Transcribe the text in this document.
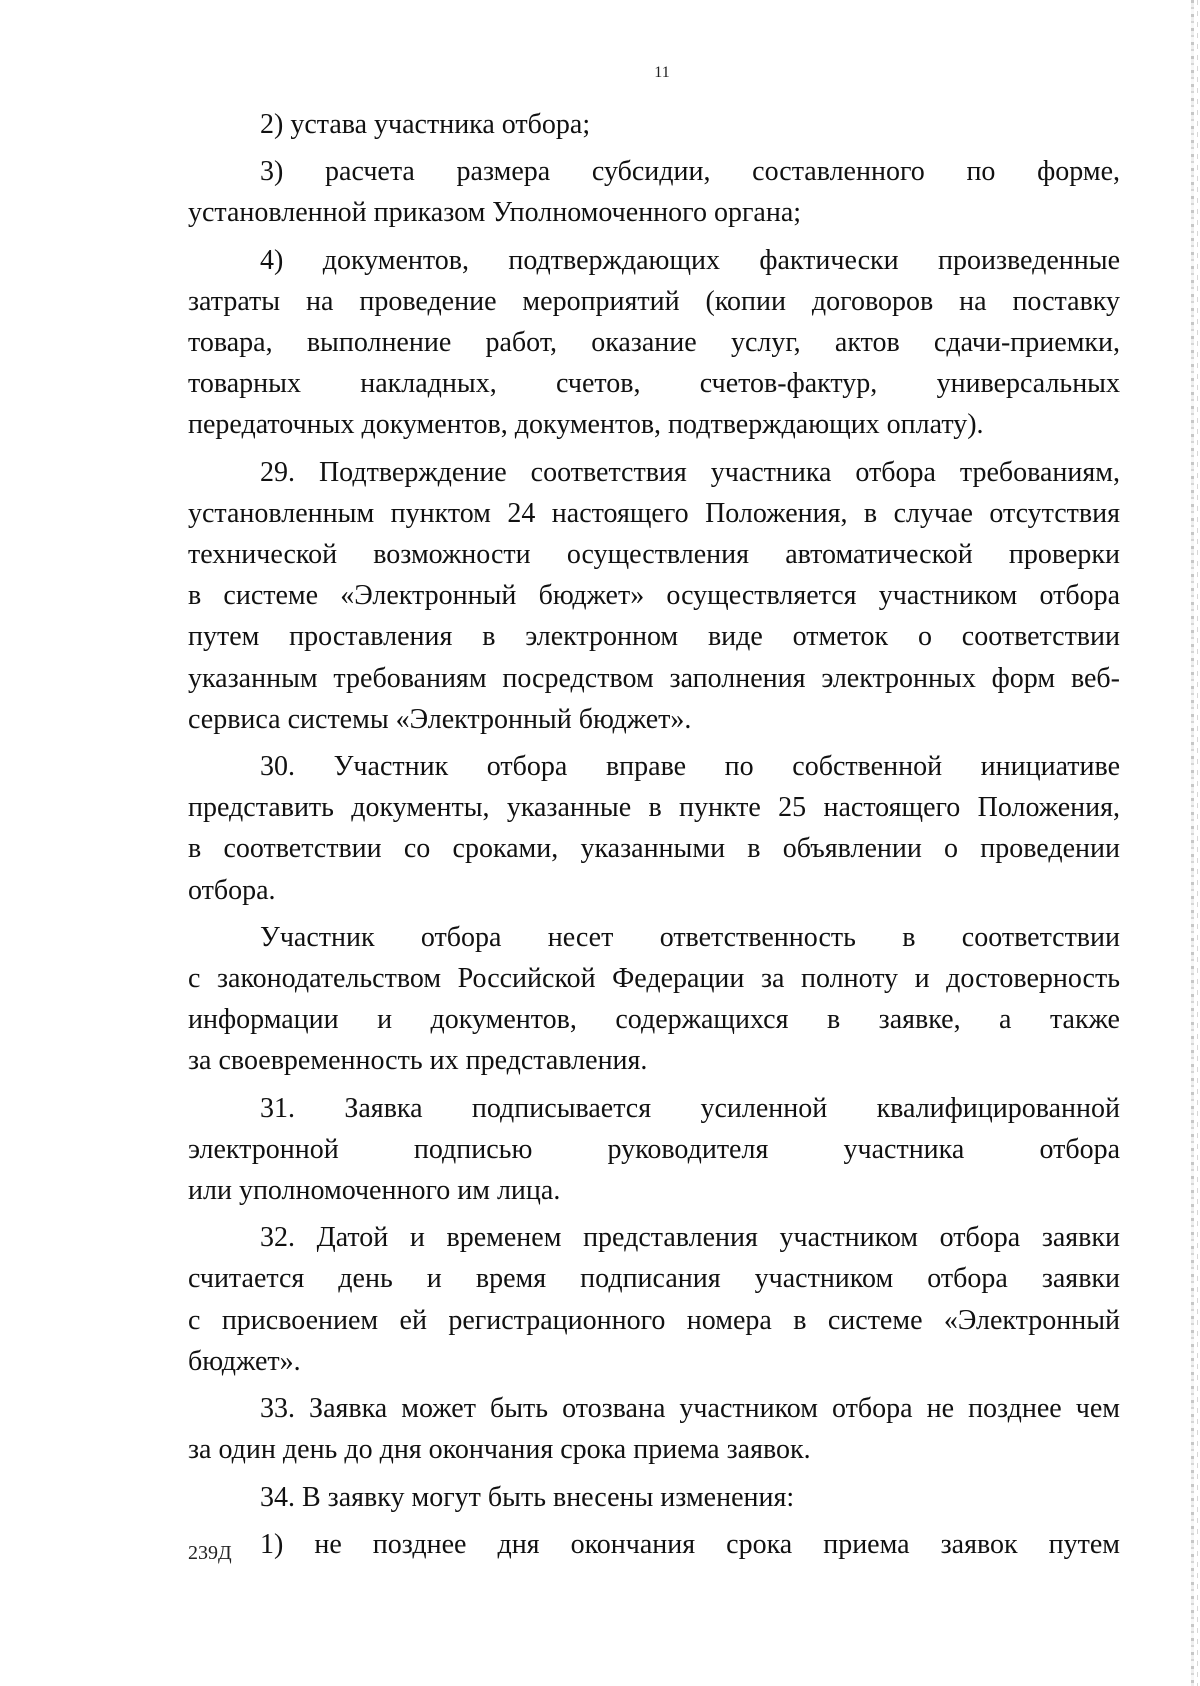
11

2) устава участника отбора;

3) расчета размера субсидии, составленного по форме,
установленной приказом Уполномоченного органа;

4) документов, подтверждающих фактически произведенные
затраты на проведение мероприятий (копии договоров на поставку
товара, выполнение работ, оказание услуг, актов сдачи-приемки,
товарных накладных, счетов, счетов-фактур, универсальных
передаточных документов, документов, подтверждающих оплату).

29. Подтверждение соответствия участника отбора требованиям,
установленным пунктом 24 настоящего Положения, в случае отсутствия
технической возможности осуществления автоматической проверки
в системе «Электронный бюджет» осуществляется участником отбора
путем проставления в электронном виде отметок о соответствии
указанным требованиям посредством заполнения электронных форм веб-
сервиса системы «Электронный бюджет».

30. Участник отбора вправе по собственной инициативе
представить документы, указанные в пункте 25 настоящего Положения,
в соответствии со сроками, указанными в объявлении о проведении
отбора.

Участник отбора несет ответственность в соответствии
с законодательством Российской Федерации за полноту и достоверность
информации и документов, содержащихся в заявке, а также
за своевременность их представления.

31. Заявка подписывается усиленной квалифицированной
электронной подписью руководителя участника отбора
или уполномоченного им лица.

32. Датой и временем представления участником отбора заявки
считается день и время подписания участником отбора заявки
с присвоением ей регистрационного номера в системе «Электронный
бюджет».

33. Заявка может быть отозвана участником отбора не позднее чем
за один день до дня окончания срока приема заявок.

34. В заявку могут быть внесены изменения:

1) не позднее дня окончания срока приема заявок путем

239Д
